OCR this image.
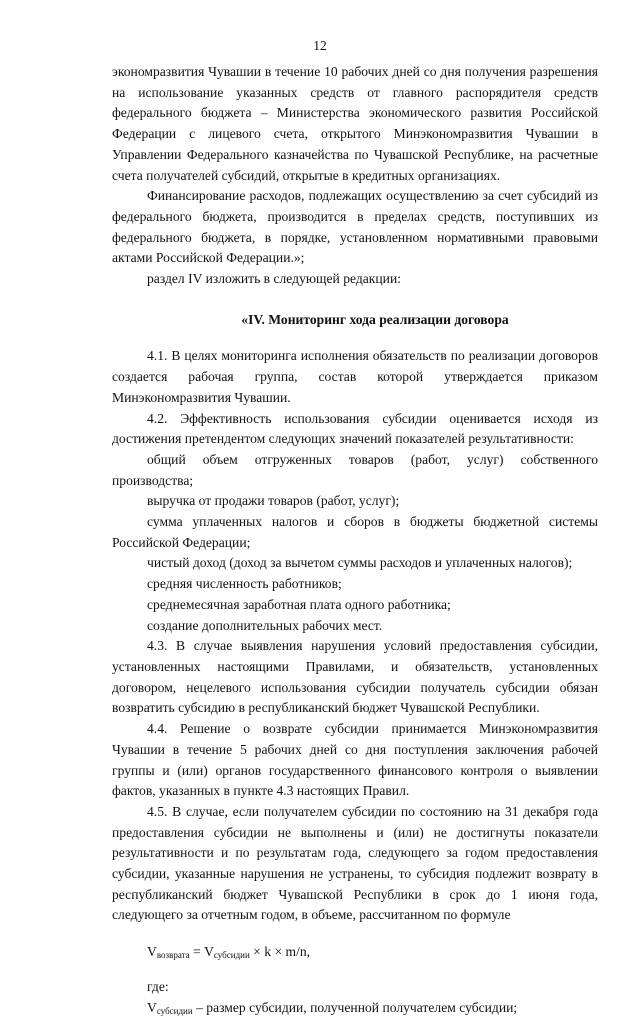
12

экономразвития Чувашии в течение 10 рабочих дней со дня получения разрешения на использование указанных средств от главного распорядителя средств федерального бюджета – Министерства экономического развития Российской Федерации с лицевого счета, открытого Минэкономразвития Чувашии в Управлении Федерального казначейства по Чувашской Республике, на расчетные счета получателей субсидий, открытые в кредитных организациях.

Финансирование расходов, подлежащих осуществлению за счет субсидий из федерального бюджета, производится в пределах средств, поступивших из федерального бюджета, в порядке, установленном нормативными правовыми актами Российской Федерации.»;

раздел IV изложить в следующей редакции:

«IV. Мониторинг хода реализации договора

4.1. В целях мониторинга исполнения обязательств по реализации договоров создается рабочая группа, состав которой утверждается приказом Минэкономразвития Чувашии.

4.2. Эффективность использования субсидии оценивается исходя из достижения претендентом следующих значений показателей результативности:

общий объем отгруженных товаров (работ, услуг) собственного производства;

выручка от продажи товаров (работ, услуг);

сумма уплаченных налогов и сборов в бюджеты бюджетной системы Российской Федерации;

чистый доход (доход за вычетом суммы расходов и уплаченных налогов);

средняя численность работников;

среднемесячная заработная плата одного работника;

создание дополнительных рабочих мест.

4.3. В случае выявления нарушения условий предоставления субсидии, установленных настоящими Правилами, и обязательств, установленных договором, нецелевого использования субсидии получатель субсидии обязан возвратить субсидию в республиканский бюджет Чувашской Республики.

4.4. Решение о возврате субсидии принимается Минэкономразвития Чувашии в течение 5 рабочих дней со дня поступления заключения рабочей группы и (или) органов государственного финансового контроля о выявлении фактов, указанных в пункте 4.3 настоящих Правил.

4.5. В случае, если получателем субсидии по состоянию на 31 декабря года предоставления субсидии не выполнены и (или) не достигнуты показатели результативности и по результатам года, следующего за годом предоставления субсидии, указанные нарушения не устранены, то субсидия подлежит возврату в республиканский бюджет Чувашской Республики в срок до 1 июня года, следующего за отчетным годом, в объеме, рассчитанном по формуле

$V_{возврата} = V_{субсидии} \times k \times m/n$,

где:

$V_{субсидии}$ – размер субсидии, полученной получателем субсидии;
